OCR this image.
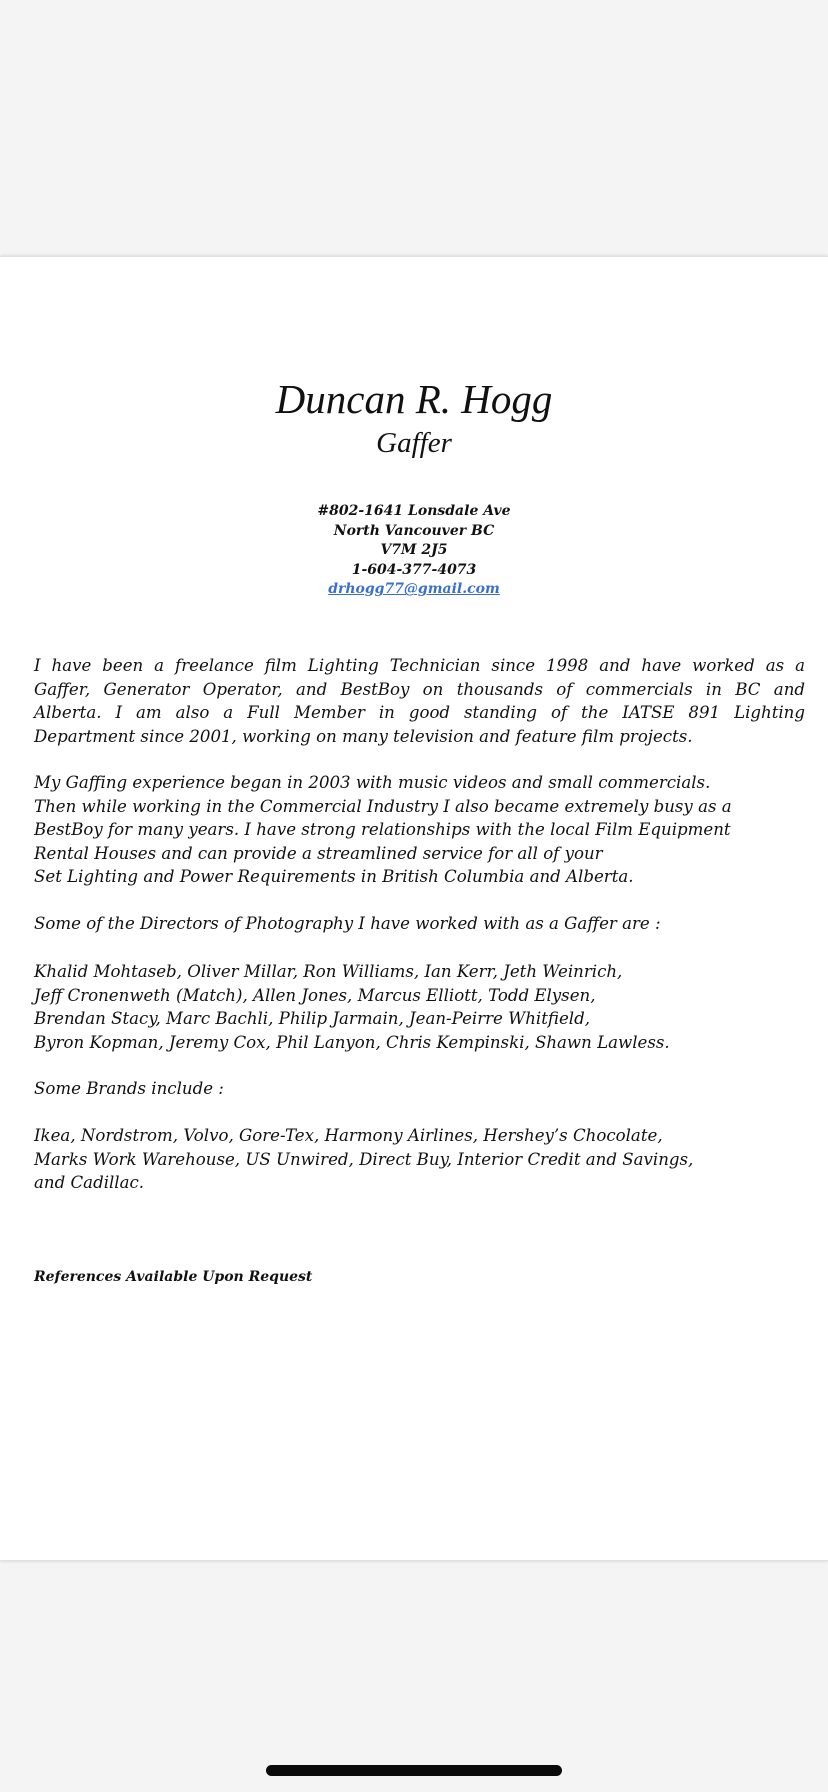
Duncan R. Hogg
Gaffer
#802-1641 Lonsdale Ave
North Vancouver BC
V7M 2J5
1-604-377-4073
drhogg77@gmail.com
I have been a freelance film Lighting Technician since 1998 and have worked as a
Gaffer, Generator Operator, and BestBoy on thousands of commercials in BC and
Alberta. I am also a Full Member in good standing of the IATSE 891 Lighting
Department since 2001, working on many television and feature film projects.
My Gaffing experience began in 2003 with music videos and small commercials.
Then while working in the Commercial Industry I also became extremely busy as a
BestBoy for many years. I have strong relationships with the local Film Equipment
Rental Houses and can provide a streamlined service for all of your
Set Lighting and Power Requirements in British Columbia and Alberta.
Some of the Directors of Photography I have worked with as a Gaffer are :
Khalid Mohtaseb, Oliver Millar, Ron Williams, Ian Kerr, Jeth Weinrich,
Jeff Cronenweth (Match), Allen Jones, Marcus Elliott, Todd Elysen,
Brendan Stacy, Marc Bachli, Philip Jarmain, Jean-Peirre Whitfield,
Byron Kopman, Jeremy Cox, Phil Lanyon, Chris Kempinski, Shawn Lawless.
Some Brands include :
Ikea, Nordstrom, Volvo, Gore-Tex, Harmony Airlines, Hershey’s Chocolate,
Marks Work Warehouse, US Unwired, Direct Buy, Interior Credit and Savings,
and Cadillac.
References Available Upon Request
